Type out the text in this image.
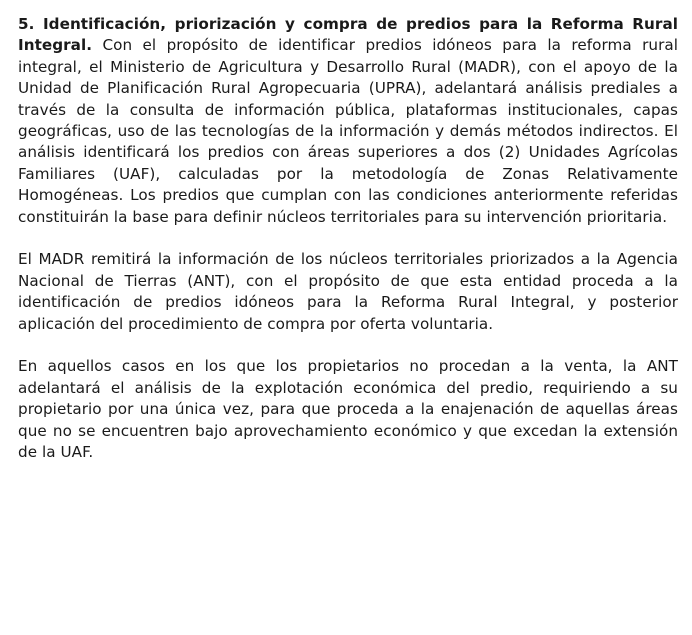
5. Identificación, priorización y compra de predios para la Reforma Rural Integral. Con el propósito de identificar predios idóneos para la reforma rural integral, el Ministerio de Agricultura y Desarrollo Rural (MADR), con el apoyo de la Unidad de Planificación Rural Agropecuaria (UPRA), adelantará análisis prediales a través de la consulta de información pública, plataformas institucionales, capas geográficas, uso de las tecnologías de la información y demás métodos indirectos. El análisis identificará los predios con áreas superiores a dos (2) Unidades Agrícolas Familiares (UAF), calculadas por la metodología de Zonas Relativamente Homogéneas. Los predios que cumplan con las condiciones anteriormente referidas constituirán la base para definir núcleos territoriales para su intervención prioritaria.

El MADR remitirá la información de los núcleos territoriales priorizados a la Agencia Nacional de Tierras (ANT), con el propósito de que esta entidad proceda a la identificación de predios idóneos para la Reforma Rural Integral, y posterior aplicación del procedimiento de compra por oferta voluntaria.

En aquellos casos en los que los propietarios no procedan a la venta, la ANT adelantará el análisis de la explotación económica del predio, requiriendo a su propietario por una única vez, para que proceda a la enajenación de aquellas áreas que no se encuentren bajo aprovechamiento económico y que excedan la extensión de la UAF.
